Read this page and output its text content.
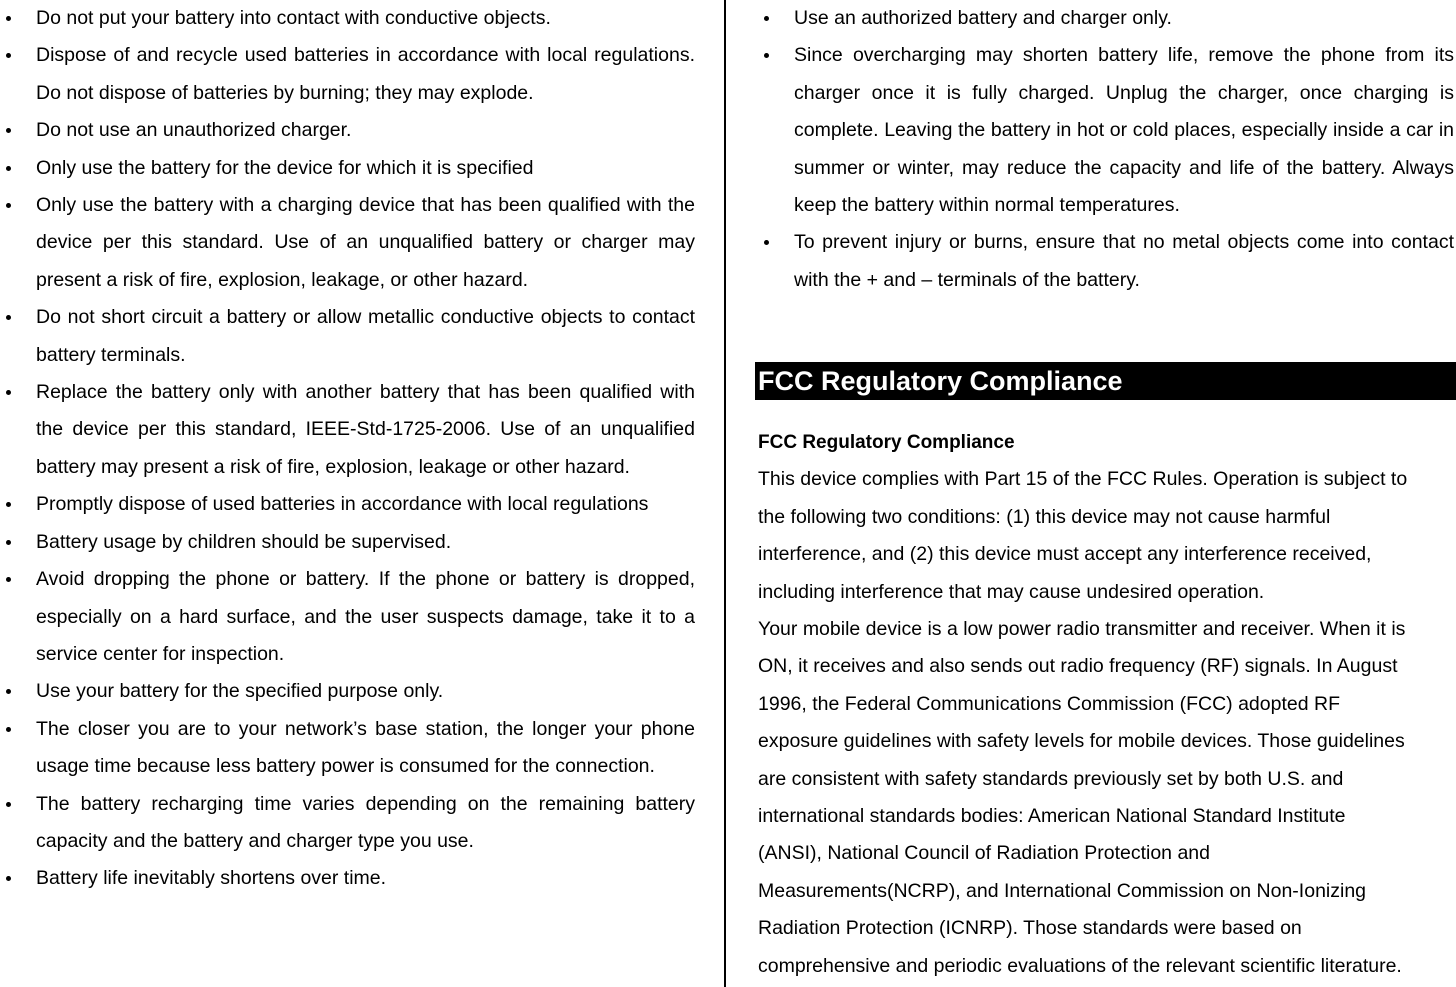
Do not put your battery into contact with conductive objects.
Dispose of and recycle used batteries in accordance with local regulations. Do not dispose of batteries by burning; they may explode.
Do not use an unauthorized charger.
Only use the battery for the device for which it is specified
Only use the battery with a charging device that has been qualified with the device per this standard. Use of an unqualified battery or charger may present a risk of fire, explosion, leakage, or other hazard.
Do not short circuit a battery or allow metallic conductive objects to contact battery terminals.
Replace the battery only with another battery that has been qualified with the device per this standard, IEEE-Std-1725-2006. Use of an unqualified battery may present a risk of fire, explosion, leakage or other hazard.
Promptly dispose of used batteries in accordance with local regulations
Battery usage by children should be supervised.
Avoid dropping the phone or battery. If the phone or battery is dropped, especially on a hard surface, and the user suspects damage, take it to a service center for inspection.
Use your battery for the specified purpose only.
The closer you are to your network’s base station, the longer your phone usage time because less battery power is consumed for the connection.
The battery recharging time varies depending on the remaining battery capacity and the battery and charger type you use.
Battery life inevitably shortens over time.
Use an authorized battery and charger only.
Since overcharging may shorten battery life, remove the phone from its charger once it is fully charged. Unplug the charger, once charging is complete. Leaving the battery in hot or cold places, especially inside a car in summer or winter, may reduce the capacity and life of the battery. Always keep the battery within normal temperatures.
To prevent injury or burns, ensure that no metal objects come into contact with the + and – terminals of the battery.
FCC Regulatory Compliance
FCC Regulatory Compliance
This device complies with Part 15 of the FCC Rules. Operation is subject to
the following two conditions: (1) this device may not cause harmful
interference, and (2) this device must accept any interference received,
including interference that may cause undesired operation.
Your mobile device is a low power radio transmitter and receiver. When it is
ON, it receives and also sends out radio frequency (RF) signals. In August
1996, the Federal Communications Commission (FCC) adopted RF
exposure guidelines with safety levels for mobile devices. Those guidelines
are consistent with safety standards previously set by both U.S. and
international standards bodies: American National Standard Institute
(ANSI), National Council of Radiation Protection and
Measurements(NCRP), and International Commission on Non-Ionizing
Radiation Protection (ICNRP). Those standards were based on
comprehensive and periodic evaluations of the relevant scientific literature.
